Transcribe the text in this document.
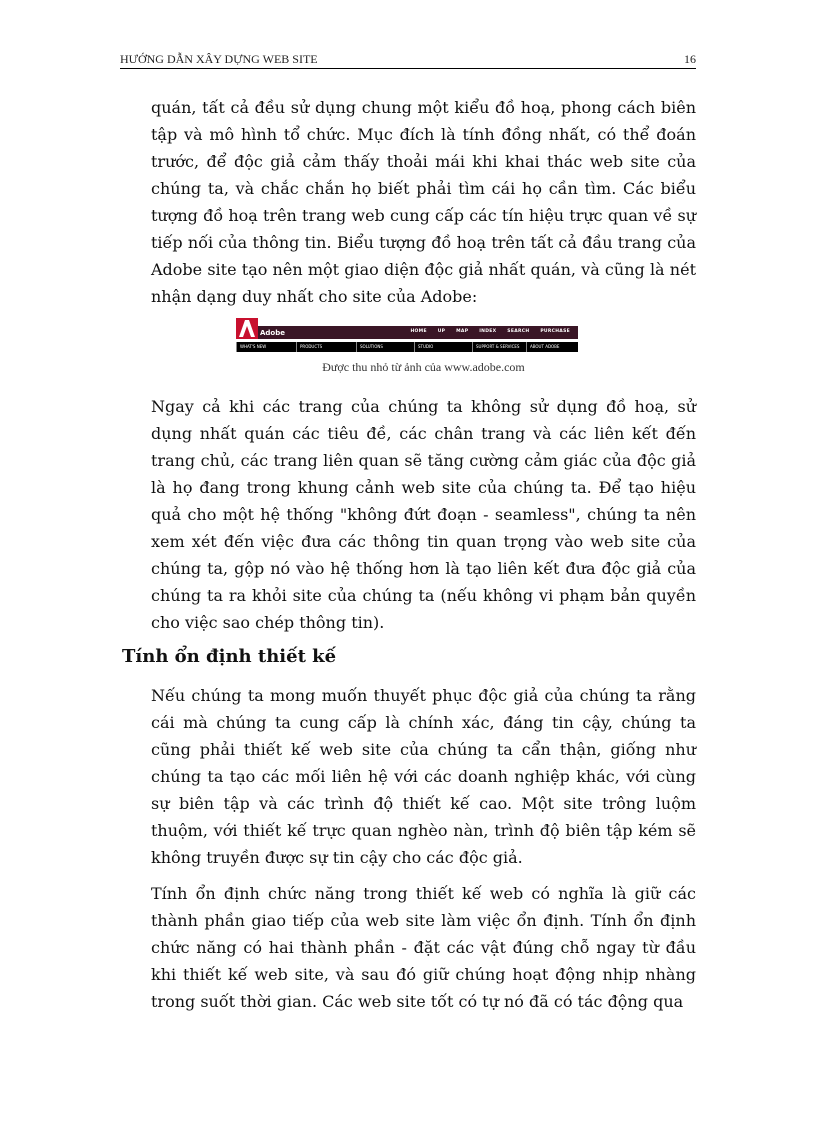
HƯỚNG DẪN XÂY DỰNG WEB SITE	16

quán, tất cả đều sử dụng chung một kiểu đồ hoạ, phong cách biên tập và mô hình tổ chức. Mục đích là tính đồng nhất, có thể đoán trước, để độc giả cảm thấy thoải mái khi khai thác web site của chúng ta, và chắc chắn họ biết phải tìm cái họ cần tìm. Các biểu tượng đồ hoạ trên trang web cung cấp các tín hiệu trực quan về sự tiếp nối của thông tin. Biểu tượng đồ hoạ trên tất cả đầu trang của Adobe site tạo nên một giao diện độc giả nhất quán, và cũng là nét nhận dạng duy nhất cho site của Adobe:

Adobe	HOME UP MAP INDEX SEARCH PURCHASE
WHAT'S NEW	PRODUCTS	SOLUTIONS	STUDIO	SUPPORT & SERVICES	ABOUT ADOBE

Được thu nhỏ từ ảnh của www.adobe.com

Ngay cả khi các trang của chúng ta không sử dụng đồ hoạ, sử dụng nhất quán các tiêu đề, các chân trang và các liên kết đến trang chủ, các trang liên quan sẽ tăng cường cảm giác của độc giả là họ đang trong khung cảnh web site của chúng ta. Để tạo hiệu quả cho một hệ thống "không đứt đoạn - seamless", chúng ta nên xem xét đến việc đưa các thông tin quan trọng vào web site của chúng ta, gộp nó vào hệ thống hơn là tạo liên kết đưa độc giả của chúng ta ra khỏi site của chúng ta (nếu không vi phạm bản quyền cho việc sao chép thông tin).

Tính ổn định thiết kế

Nếu chúng ta mong muốn thuyết phục độc giả của chúng ta rằng cái mà chúng ta cung cấp là chính xác, đáng tin cậy, chúng ta cũng phải thiết kế web site của chúng ta cẩn thận, giống như chúng ta tạo các mối liên hệ với các doanh nghiệp khác, với cùng sự biên tập và các trình độ thiết kế cao. Một site trông luộm thuộm, với thiết kế trực quan nghèo nàn, trình độ biên tập kém sẽ không truyền được sự tin cậy cho các độc giả.

Tính ổn định chức năng trong thiết kế web có nghĩa là giữ các thành phần giao tiếp của web site làm việc ổn định. Tính ổn định chức năng có hai thành phần - đặt các vật đúng chỗ ngay từ đầu khi thiết kế web site, và sau đó giữ chúng hoạt động nhịp nhàng trong suốt thời gian. Các web site tốt có tự nó đã có tác động qua
